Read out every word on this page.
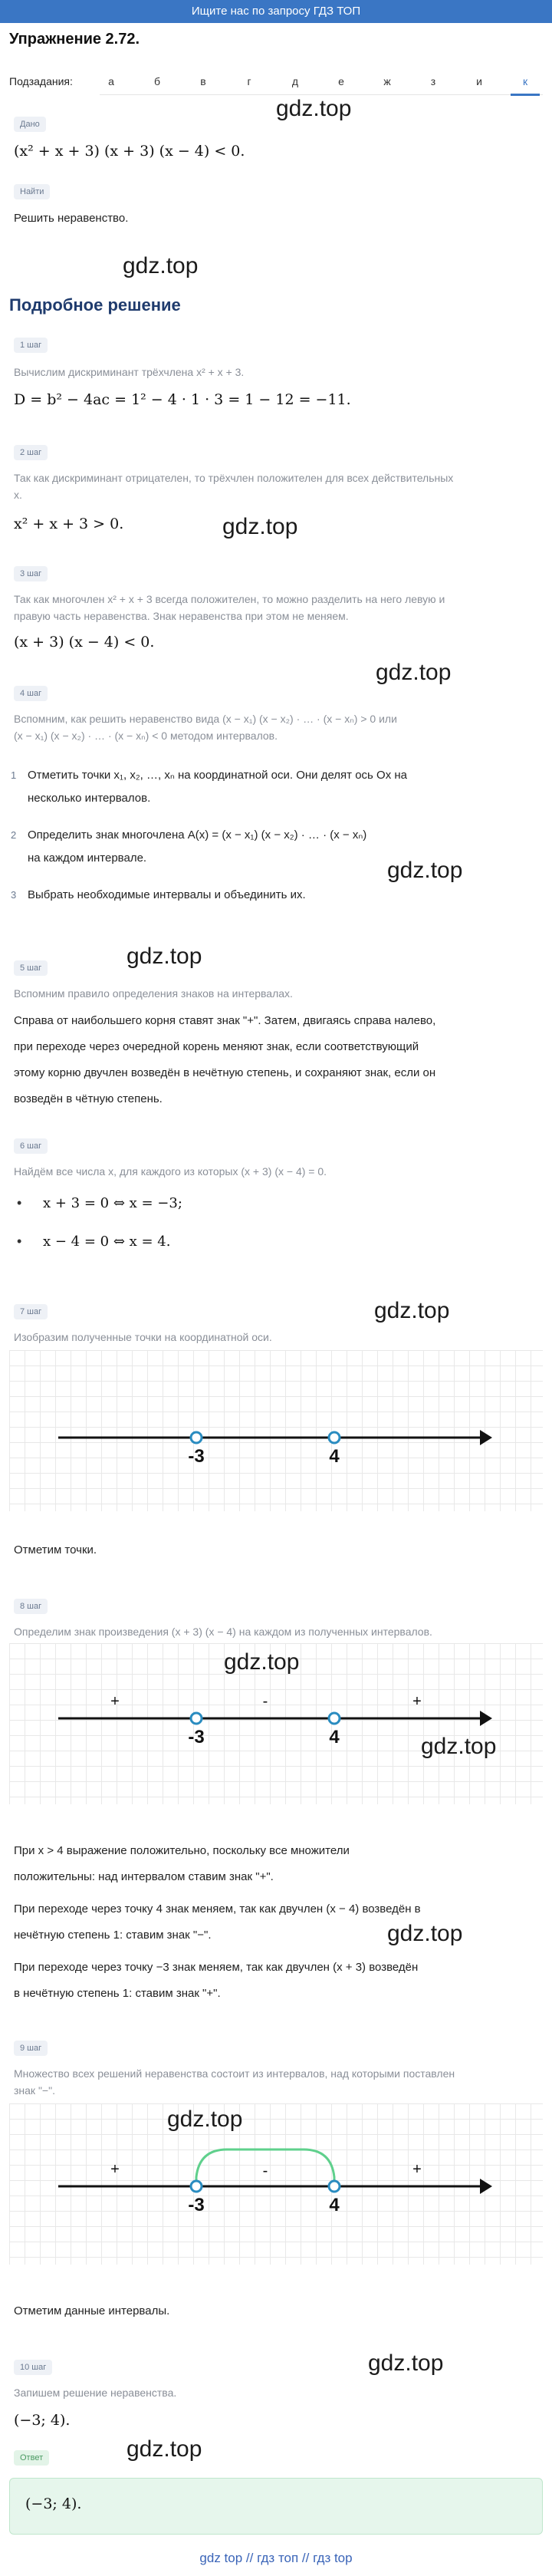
Ищите нас по запросу ГДЗ ТОП
Упражнение 2.72.
Подзадания:	а	б	в	г	д	е	ж	з	и	к
Дано
gdz.top
(x² + x + 3) (x + 3) (x − 4) < 0.
Найти
Решить неравенство.
gdz.top
Подробное решение
1 шаг
Вычислим дискриминант трёхчлена x² + x + 3.
D = b² − 4ac = 1² − 4 · 1 · 3 = 1 − 12 = −11.
2 шаг
Так как дискриминант отрицателен, то трёхчлен положителен для всех действительных
x.
gdz.top
x² + x + 3 > 0.
3 шаг
Так как многочлен x² + x + 3 всегда положителен, то можно разделить на него левую и
правую часть неравенства. Знак неравенства при этом не меняем.
(x + 3) (x − 4) < 0.
gdz.top
4 шаг
Вспомним, как решить неравенство вида (x − x₁) (x − x₂) · … · (x − xₙ) > 0 или
(x − x₁) (x − x₂) · … · (x − xₙ) < 0 методом интервалов.
1 Отметить точки x₁, x₂, …, xₙ на координатной оси. Они делят ось Ox на
несколько интервалов.
2 Определить знак многочлена A(x) = (x − x₁) (x − x₂) · … · (x − xₙ)
на каждом интервале.	gdz.top
3 Выбрать необходимые интервалы и объединить их.
gdz.top
5 шаг
Вспомним правило определения знаков на интервалах.
Справа от наибольшего корня ставят знак "+". Затем, двигаясь справа налево,
при переходе через очередной корень меняют знак, если соответствующий
этому корню двучлен возведён в нечётную степень, и сохраняют знак, если он
возведён в чётную степень.
6 шаг
Найдём все числа x, для каждого из которых (x + 3) (x − 4) = 0.
• x + 3 = 0 ⇔ x = −3;
• x − 4 = 0 ⇔ x = 4.
7 шаг	gdz.top
Изобразим полученные точки на координатной оси.
-3	4
Отметим точки.
8 шаг
Определим знак произведения (x + 3) (x − 4) на каждом из полученных интервалов.
-3	4
+	-	+
gdz.top
gdz.top
При x > 4 выражение положительно, поскольку все множители
положительны: над интервалом ставим знак "+".
При переходе через точку 4 знак меняем, так как двучлен (x − 4) возведён в
нечётную степень 1: ставим знак "−".	gdz.top
При переходе через точку −3 знак меняем, так как двучлен (x + 3) возведён
в нечётную степень 1: ставим знак "+".
9 шаг
Множество всех решений неравенства состоит из интервалов, над которыми поставлен
знак "−".
-3	4
+	-	+
gdz.top
Отметим данные интервалы.
10 шаг	gdz.top
Запишем решение неравенства.
(−3; 4).
Ответ	gdz.top
(−3; 4).
gdz top // гдз топ // гдз top
